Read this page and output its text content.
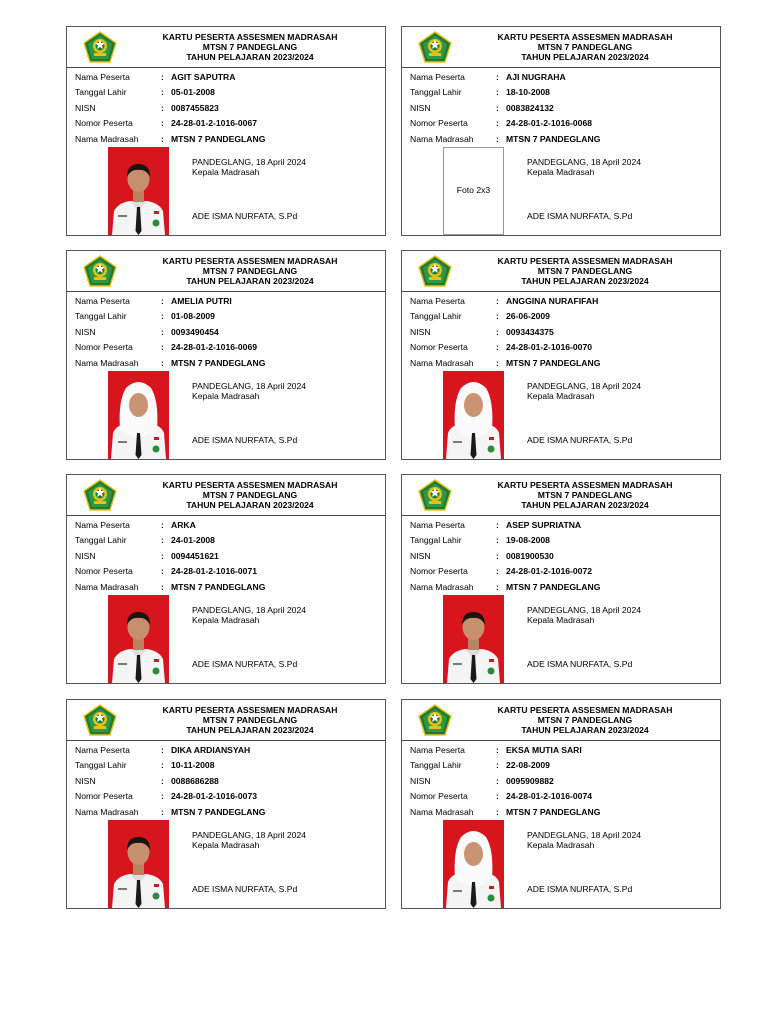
KARTU PESERTA ASSESMEN MADRASAH
MTSN 7 PANDEGLANG
TAHUN PELAJARAN 2023/2024
Nama Peserta	: AGIT SAPUTRA
Tanggal Lahir	: 05-01-2008
NISN	: 0087455823
Nomor Peserta	: 24-28-01-2-1016-0067
Nama Madrasah	: MTSN 7 PANDEGLANG
PANDEGLANG, 18 April 2024
Kepala Madrasah
ADE ISMA NURFATA, S.Pd
KARTU PESERTA ASSESMEN MADRASAH
MTSN 7 PANDEGLANG
TAHUN PELAJARAN 2023/2024
Nama Peserta	: AJI NUGRAHA
Tanggal Lahir	: 18-10-2008
NISN	: 0083824132
Nomor Peserta	: 24-28-01-2-1016-0068
Nama Madrasah	: MTSN 7 PANDEGLANG
Foto 2x3
PANDEGLANG, 18 April 2024
Kepala Madrasah
ADE ISMA NURFATA, S.Pd
KARTU PESERTA ASSESMEN MADRASAH
MTSN 7 PANDEGLANG
TAHUN PELAJARAN 2023/2024
Nama Peserta	: AMELIA PUTRI
Tanggal Lahir	: 01-08-2009
NISN	: 0093490454
Nomor Peserta	: 24-28-01-2-1016-0069
Nama Madrasah	: MTSN 7 PANDEGLANG
PANDEGLANG, 18 April 2024
Kepala Madrasah
ADE ISMA NURFATA, S.Pd
KARTU PESERTA ASSESMEN MADRASAH
MTSN 7 PANDEGLANG
TAHUN PELAJARAN 2023/2024
Nama Peserta	: ANGGINA NURAFIFAH
Tanggal Lahir	: 26-06-2009
NISN	: 0093434375
Nomor Peserta	: 24-28-01-2-1016-0070
Nama Madrasah	: MTSN 7 PANDEGLANG
PANDEGLANG, 18 April 2024
Kepala Madrasah
ADE ISMA NURFATA, S.Pd
KARTU PESERTA ASSESMEN MADRASAH
MTSN 7 PANDEGLANG
TAHUN PELAJARAN 2023/2024
Nama Peserta	: ARKA
Tanggal Lahir	: 24-01-2008
NISN	: 0094451621
Nomor Peserta	: 24-28-01-2-1016-0071
Nama Madrasah	: MTSN 7 PANDEGLANG
PANDEGLANG, 18 April 2024
Kepala Madrasah
ADE ISMA NURFATA, S.Pd
KARTU PESERTA ASSESMEN MADRASAH
MTSN 7 PANDEGLANG
TAHUN PELAJARAN 2023/2024
Nama Peserta	: ASEP SUPRIATNA
Tanggal Lahir	: 19-08-2008
NISN	: 0081900530
Nomor Peserta	: 24-28-01-2-1016-0072
Nama Madrasah	: MTSN 7 PANDEGLANG
PANDEGLANG, 18 April 2024
Kepala Madrasah
ADE ISMA NURFATA, S.Pd
KARTU PESERTA ASSESMEN MADRASAH
MTSN 7 PANDEGLANG
TAHUN PELAJARAN 2023/2024
Nama Peserta	: DIKA ARDIANSYAH
Tanggal Lahir	: 10-11-2008
NISN	: 0088686288
Nomor Peserta	: 24-28-01-2-1016-0073
Nama Madrasah	: MTSN 7 PANDEGLANG
PANDEGLANG, 18 April 2024
Kepala Madrasah
ADE ISMA NURFATA, S.Pd
KARTU PESERTA ASSESMEN MADRASAH
MTSN 7 PANDEGLANG
TAHUN PELAJARAN 2023/2024
Nama Peserta	: EKSA MUTIA SARI
Tanggal Lahir	: 22-08-2009
NISN	: 0095909882
Nomor Peserta	: 24-28-01-2-1016-0074
Nama Madrasah	: MTSN 7 PANDEGLANG
PANDEGLANG, 18 April 2024
Kepala Madrasah
ADE ISMA NURFATA, S.Pd
